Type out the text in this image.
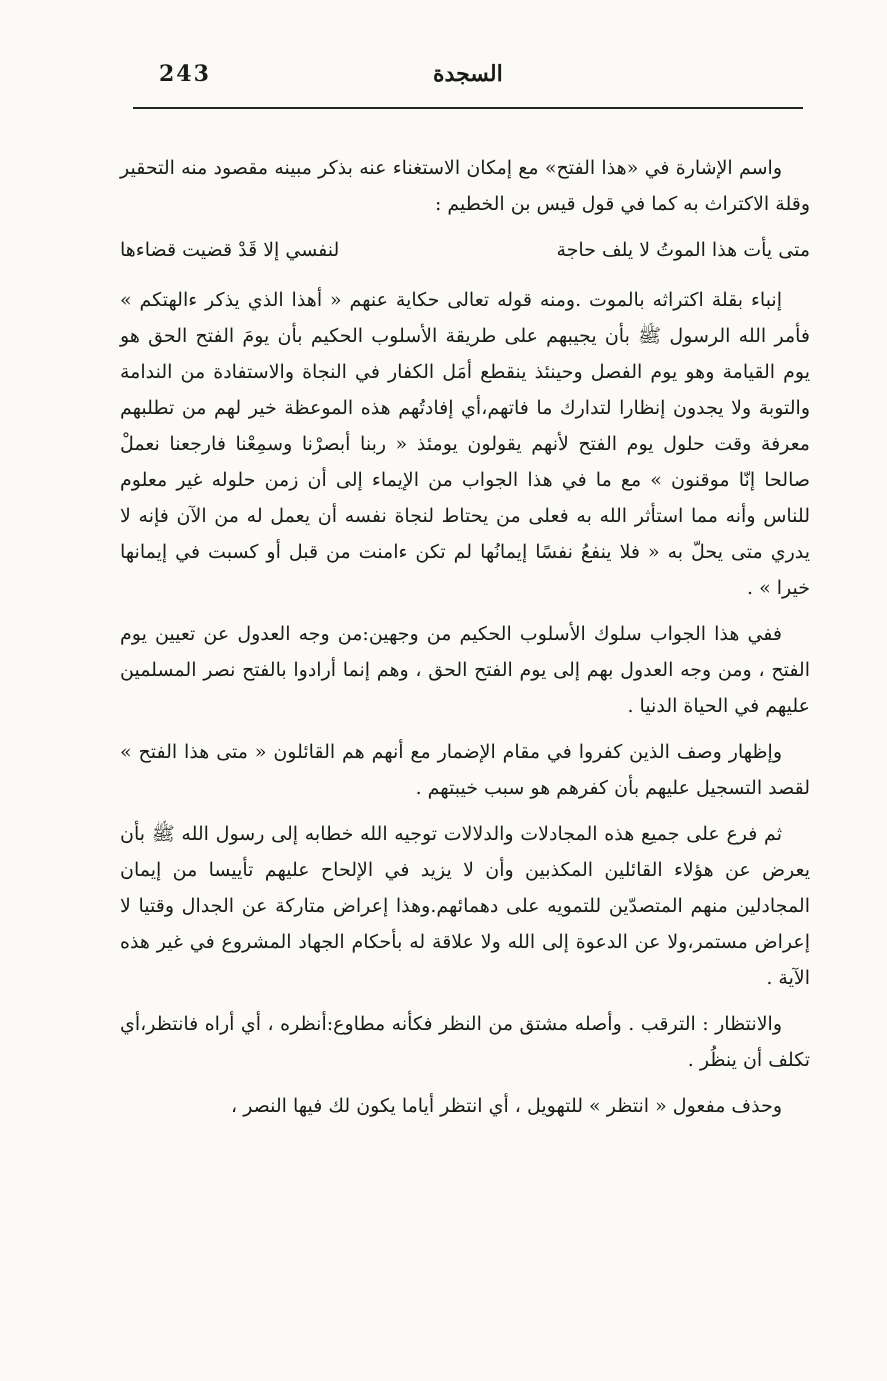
243	السجدة

واسم الإشارة في «هذا الفتح» مع إمكان الاستغناء عنه بذكر مبينه مقصود منه التحقير وقلة الاكتراث به كما في قول قيس بن الخطيم :

متى يأت هذا الموتُ لا يلف حاجة
لنفسي إلا قَدْ قضيت قضاءها

إنباء بقلة اكتراثه بالموت .ومنه قوله تعالى حكاية عنهم « أهذا الذي يذكر ءالهتكم » فأمر الله الرسول ﷺ بأن يجيبهم على طريقة الأسلوب الحكيم بأن يومَ الفتح الحق هو يوم القيامة وهو يوم الفصل وحينئذ ينقطع أمَل الكفار في النجاة والاستفادة من الندامة والتوبة ولا يجدون إنظارا لتدارك ما فاتهم،أي إفادتُهم هذه الموعظة خير لهم من تطلبهم معرفة وقت حلول يوم الفتح لأنهم يقولون يومئذ « ربنا أبصرْنا وسمِعْنا فارجعنا نعملْ صالحا إنّا موقنون » مع ما في هذا الجواب من الإيماء إلى أن زمن حلوله غير معلوم للناس وأنه مما استأثر الله به فعلى من يحتاط لنجاة نفسه أن يعمل له من الآن فإنه لا يدري متى يحلّ به « فلا ينفعُ نفسًا إيمانُها لم تكن ءامنت من قبل أو كسبت في إيمانها خيرا » .

ففي هذا الجواب سلوك الأسلوب الحكيم من وجهين:من وجه العدول عن تعيين يوم الفتح ، ومن وجه العدول بهم إلى يوم الفتح الحق ، وهم إنما أرادوا بالفتح نصر المسلمين عليهم في الحياة الدنيا .

وإظهار وصف الذين كفروا في مقام الإضمار مع أنهم هم القائلون « متى هذا الفتح » لقصد التسجيل عليهم بأن كفرهم هو سبب خيبتهم .

ثم فرع على جميع هذه المجادلات والدلالات توجيه الله خطابه إلى رسول الله ﷺ بأن يعرض عن هؤلاء القائلين المكذبين وأن لا يزيد في الإلحاح عليهم تأييسا من إيمان المجادلين منهم المتصدّين للتمويه على دهمائهم.وهذا إعراض متاركة عن الجدال وقتيا لا إعراض مستمر،ولا عن الدعوة إلى الله ولا علاقة له بأحكام الجهاد المشروع في غير هذه الآية .

والانتظار : الترقب . وأصله مشتق من النظر فكأنه مطاوع:أنظره ، أي أراه فانتظر،أي تكلف أن ينظُر .

وحذف مفعول « انتظر » للتهويل ، أي انتظر أياما يكون لك فيها النصر ،
